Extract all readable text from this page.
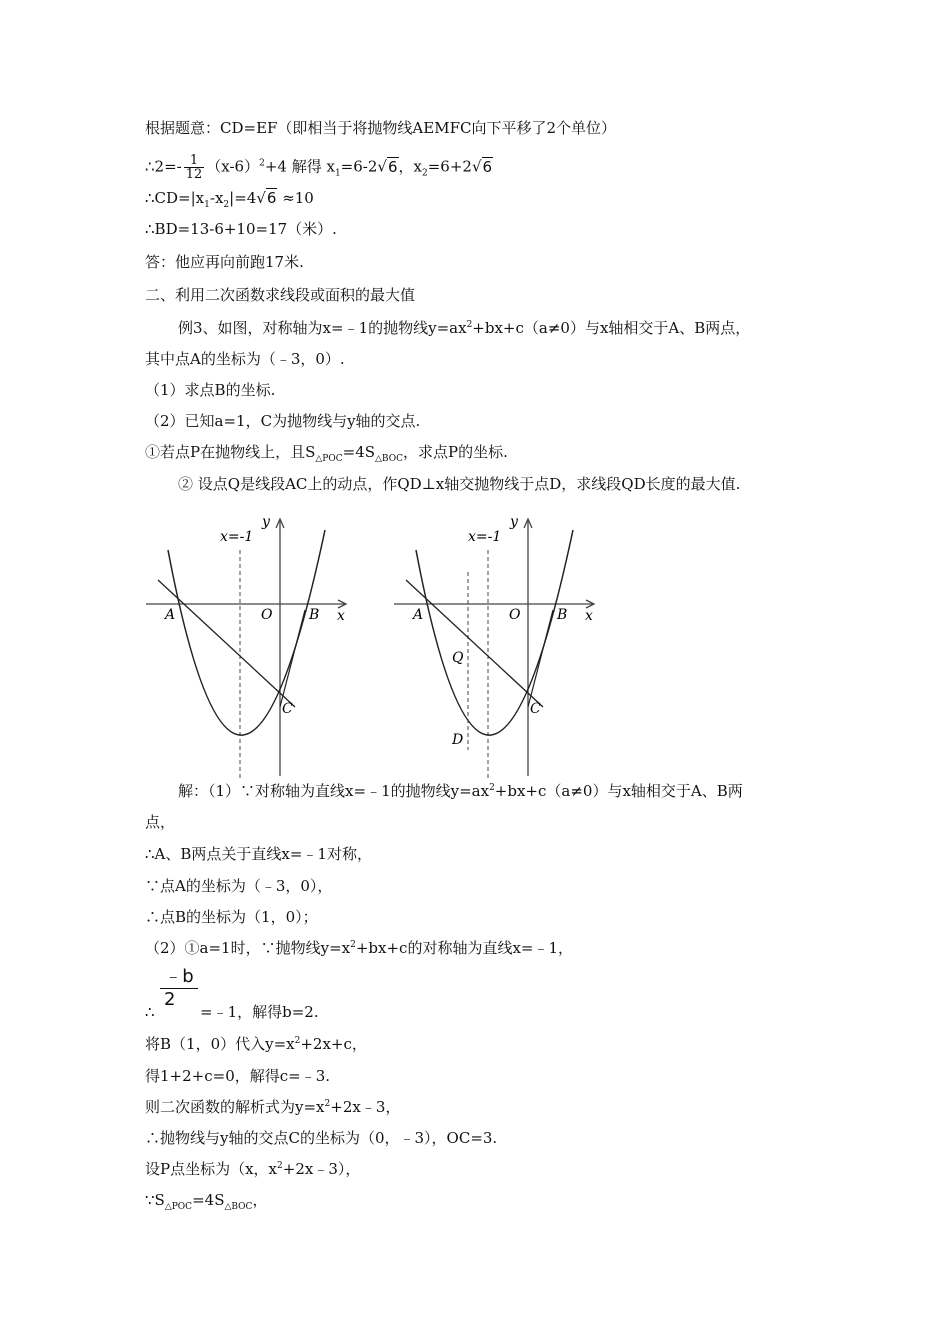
根据题意：CD=EF（即相当于将抛物线AEMFC向下平移了2个单位）
∴2=- $\frac{1}{12} (x-6)^2+4$ 解得 $x_1=6-2√6$，$x_2=6+2√6$
$\therefore CD=|x_1-x_2|=4√6 \approx 10$
∴BD=13-6+10=17（米）.
答：他应再向前跑17米.
二、利用二次函数求线段或面积的最大值
例3、如图，对称轴为x=﹣1的抛物线$y=ax^2+bx+c(a\ne 0)$与x轴相交于A、B两点，
其中点A的坐标为（﹣3，0）.
（1）求点B的坐标.
（2）已知a=1，C为抛物线与y轴的交点.
①若点P在抛物线上，且$S_{\triangle POC}=4S_{\triangle BOC}$，求点P的坐标.
② 设点Q是线段AC上的动点，作QD⊥x轴交抛物线于点D，求线段QD长度的最大值.
x=-1
y
x
A	O	B
C
x=-1
y
x
A	O	B
C
Q
D
解：（1）∵对称轴为直线x=﹣1的抛物线$y=ax^2+bx+c(a\ne 0)$与x轴相交于A、B两
点，
∴A、B两点关于直线x=﹣1对称，
∵点A的坐标为（﹣3，0），
∴点B的坐标为（1，0）；
（2）①a=1时，∵抛物线$y=x^2+bx+c$的对称轴为直线x=﹣1，
$\frac{﹣b}{2}$
∴	=﹣1，解得b=2.
将B（1，0）代入$y=x^2+2x+c$，
得1+2+c=0，解得c=﹣3.
则二次函数的解析式为$y=x^2+2x﹣3$，
∴抛物线与y轴的交点C的坐标为（0，﹣3），OC=3.
设P点坐标为（x，$x^2+2x﹣3$），
$\because S_{\triangle POC}=4S_{\triangle BOC}$，
